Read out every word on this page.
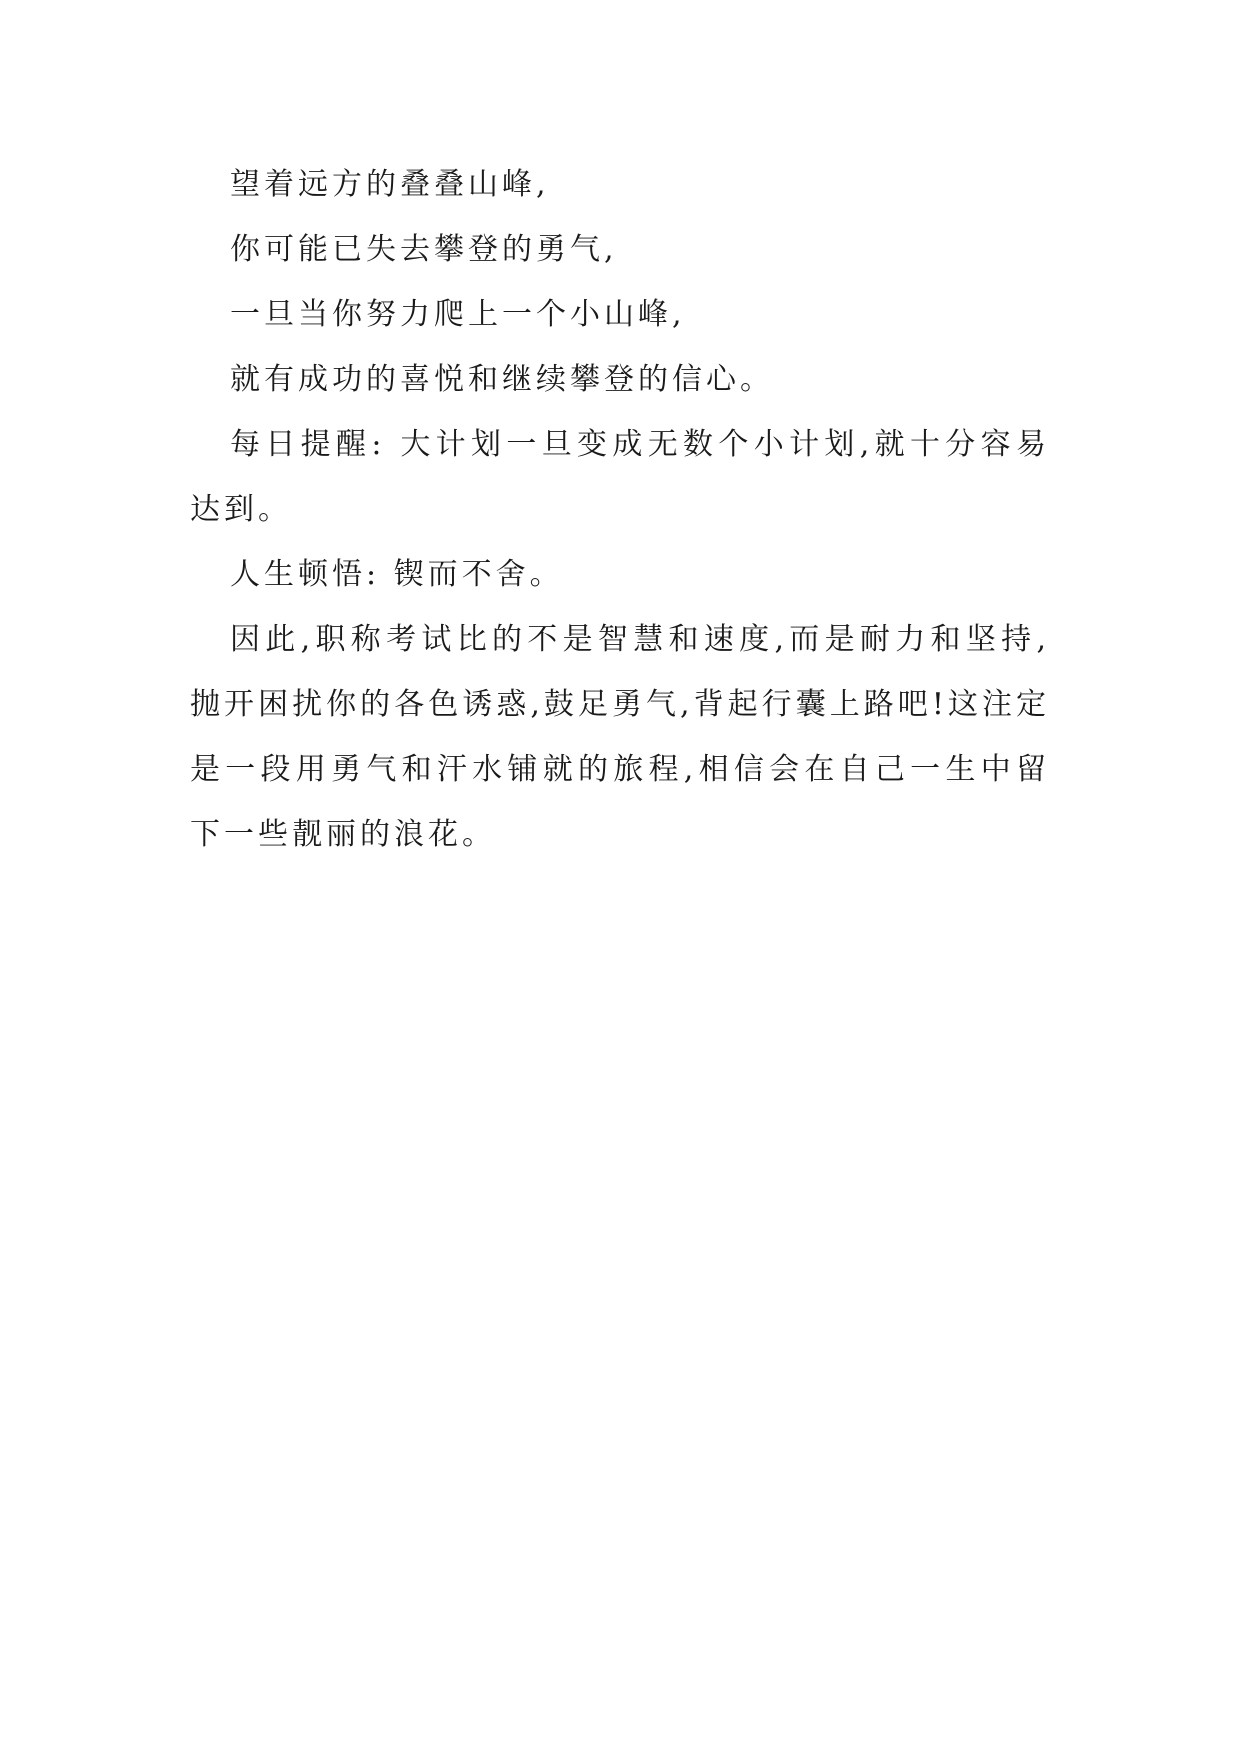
望着远方的叠叠山峰,

你可能已失去攀登的勇气,

一旦当你努力爬上一个小山峰,

就有成功的喜悦和继续攀登的信心。

每日提醒: 大计划一旦变成无数个小计划,就十分容易达到。

人生顿悟: 锲而不舍。

因此,职称考试比的不是智慧和速度,而是耐力和坚持,抛开困扰你的各色诱惑,鼓足勇气,背起行囊上路吧!这注定是一段用勇气和汗水铺就的旅程,相信会在自己一生中留下一些靓丽的浪花。
